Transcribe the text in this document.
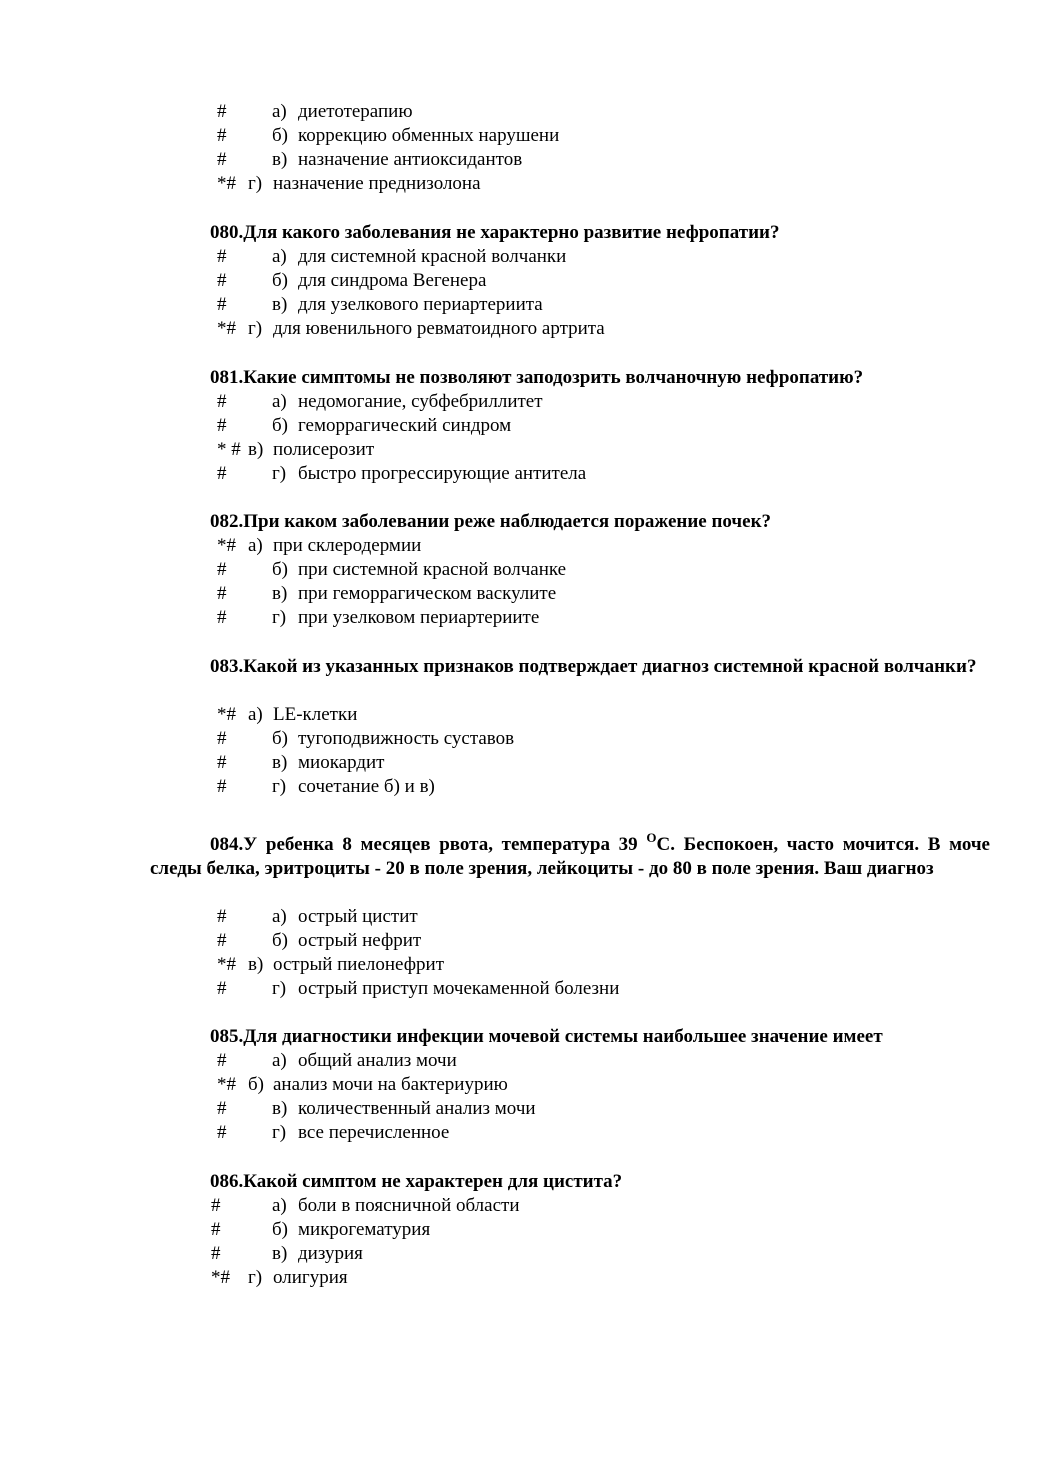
# а) диетотерапию
# б) коррекцию обменных нарушени
# в) назначение антиоксидантов
*# г) назначение преднизолона
080.Для какого заболевания не характерно развитие нефропатии?
# а) для системной красной волчанки
# б) для синдрома Вегенера
# в) для узелкового периартериита
*# г) для ювенильного ревматоидного артрита
081.Какие симптомы не позволяют заподозрить волчаночную нефропатию?
# а) недомогание, субфебриллитет
# б) геморрагический синдром
* # в) полисерозит
# г) быстро прогрессирующие антитела
082.При каком заболевании реже наблюдается поражение почек?
*# а) при склеродермии
# б) при системной красной волчанке
# в) при геморрагическом васкулите
# г) при узелковом периартериите
083.Какой из указанных признаков подтверждает диагноз системной красной волчанки?
*# а) LE-клетки
# б) тугоподвижность суставов
# в) миокардит
# г) сочетание б) и в)
084.У ребенка 8 месяцев рвота, температура 39 $^O$С. Беспокоен, часто мочится. В моче следы белка, эритроциты - 20 в поле зрения, лейкоциты - до 80 в поле зрения. Ваш диагноз
# а) острый цистит
# б) острый нефрит
*# в) острый пиелонефрит
# г) острый приступ мочекаменной болезни
085.Для диагностики инфекции мочевой системы наибольшее значение имеет
# а) общий анализ мочи
*# б) анализ мочи на бактериурию
# в) количественный анализ мочи
# г) все перечисленное
086.Какой симптом не характерен для цистита?
#	а) боли в поясничной области
#	б) микрогематурия
#	в) дизурия
*# г) олигурия
